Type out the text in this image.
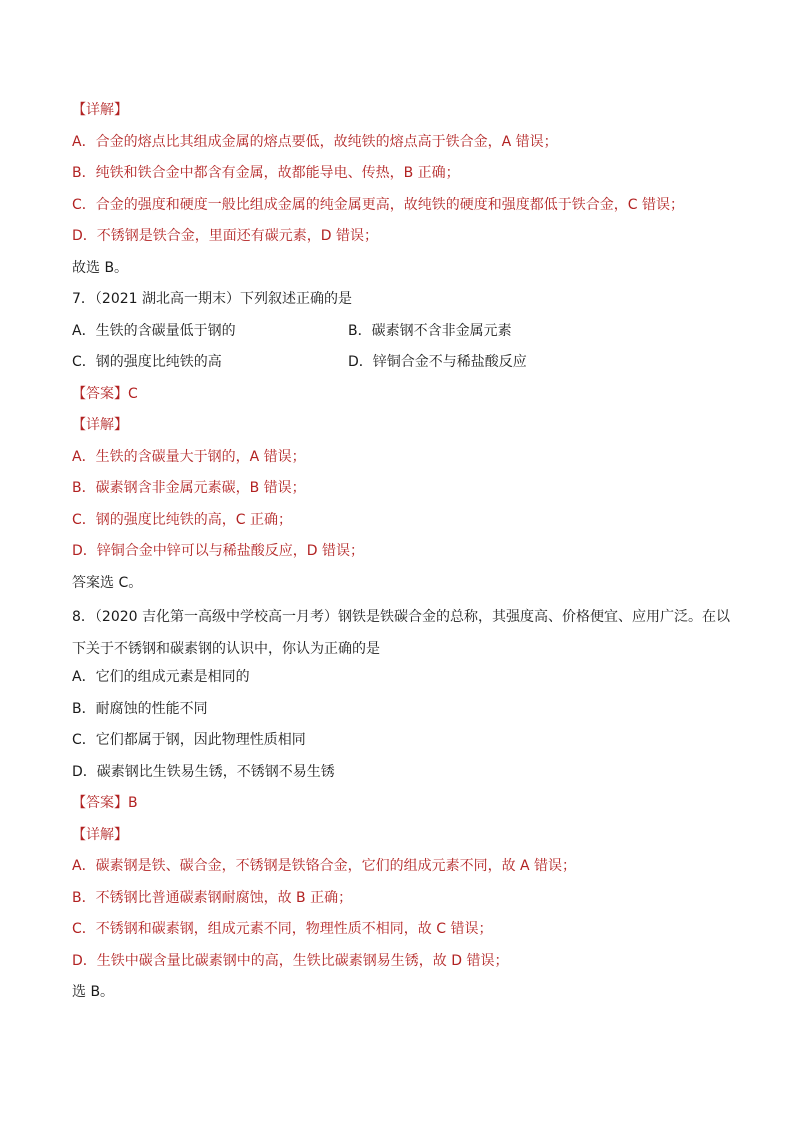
【详解】
A．合金的熔点比其组成金属的熔点要低，故纯铁的熔点高于铁合金，A 错误；
B．纯铁和铁合金中都含有金属，故都能导电、传热，B 正确；
C．合金的强度和硬度一般比组成金属的纯金属更高，故纯铁的硬度和强度都低于铁合金，C 错误；
D．不锈钢是铁合金，里面还有碳元素，D 错误；
故选 B。
7．（2021 湖北高一期末）下列叙述正确的是
A．生铁的含碳量低于钢的	B．碳素钢不含非金属元素
C．钢的强度比纯铁的高	D．锌铜合金不与稀盐酸反应
【答案】C
【详解】
A．生铁的含碳量大于钢的，A 错误；
B．碳素钢含非金属元素碳，B 错误；
C．钢的强度比纯铁的高，C 正确；
D．锌铜合金中锌可以与稀盐酸反应，D 错误；
答案选 C。
8．（2020 吉化第一高级中学校高一月考）钢铁是铁碳合金的总称，其强度高、价格便宜、应用广泛。在以下关于不锈钢和碳素钢的认识中，你认为正确的是
A．它们的组成元素是相同的
B．耐腐蚀的性能不同
C．它们都属于钢，因此物理性质相同
D．碳素钢比生铁易生锈，不锈钢不易生锈
【答案】B
【详解】
A．碳素钢是铁、碳合金，不锈钢是铁铬合金，它们的组成元素不同，故 A 错误；
B．不锈钢比普通碳素钢耐腐蚀，故 B 正确；
C．不锈钢和碳素钢，组成元素不同，物理性质不相同，故 C 错误；
D．生铁中碳含量比碳素钢中的高，生铁比碳素钢易生锈，故 D 错误；
选 B。
